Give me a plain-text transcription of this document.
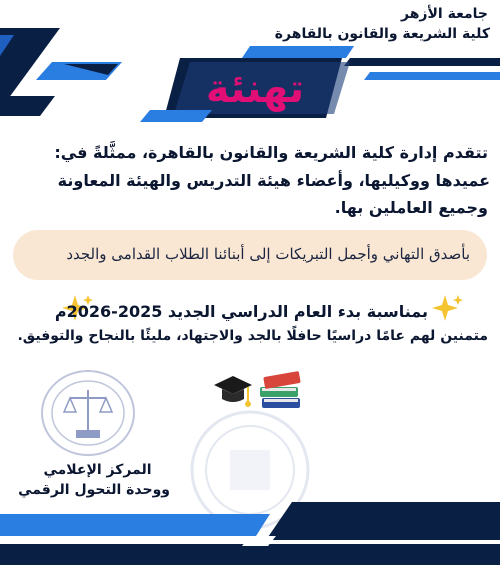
جامعة الأزهر
كلية الشريعة والقانون بالقاهرة
تهنئة
تتقدم إدارة كلية الشريعة والقانون بالقاهرة، ممثَّلةً في:
عميدها ووكيليها، وأعضاء هيئة التدريس والهيئة المعاونة
وجميع العاملين بها.
بأصدق التهاني وأجمل التبريكات إلى أبنائنا الطلاب القدامى والجدد
بمناسبة بدء العام الدراسي الجديد 2025-2026م
متمنين لهم عامًا دراسيًا حافلًا بالجد والاجتهاد، مليئًا بالنجاح والتوفيق.
المركز الإعلامي
ووحدة التحول الرقمي
